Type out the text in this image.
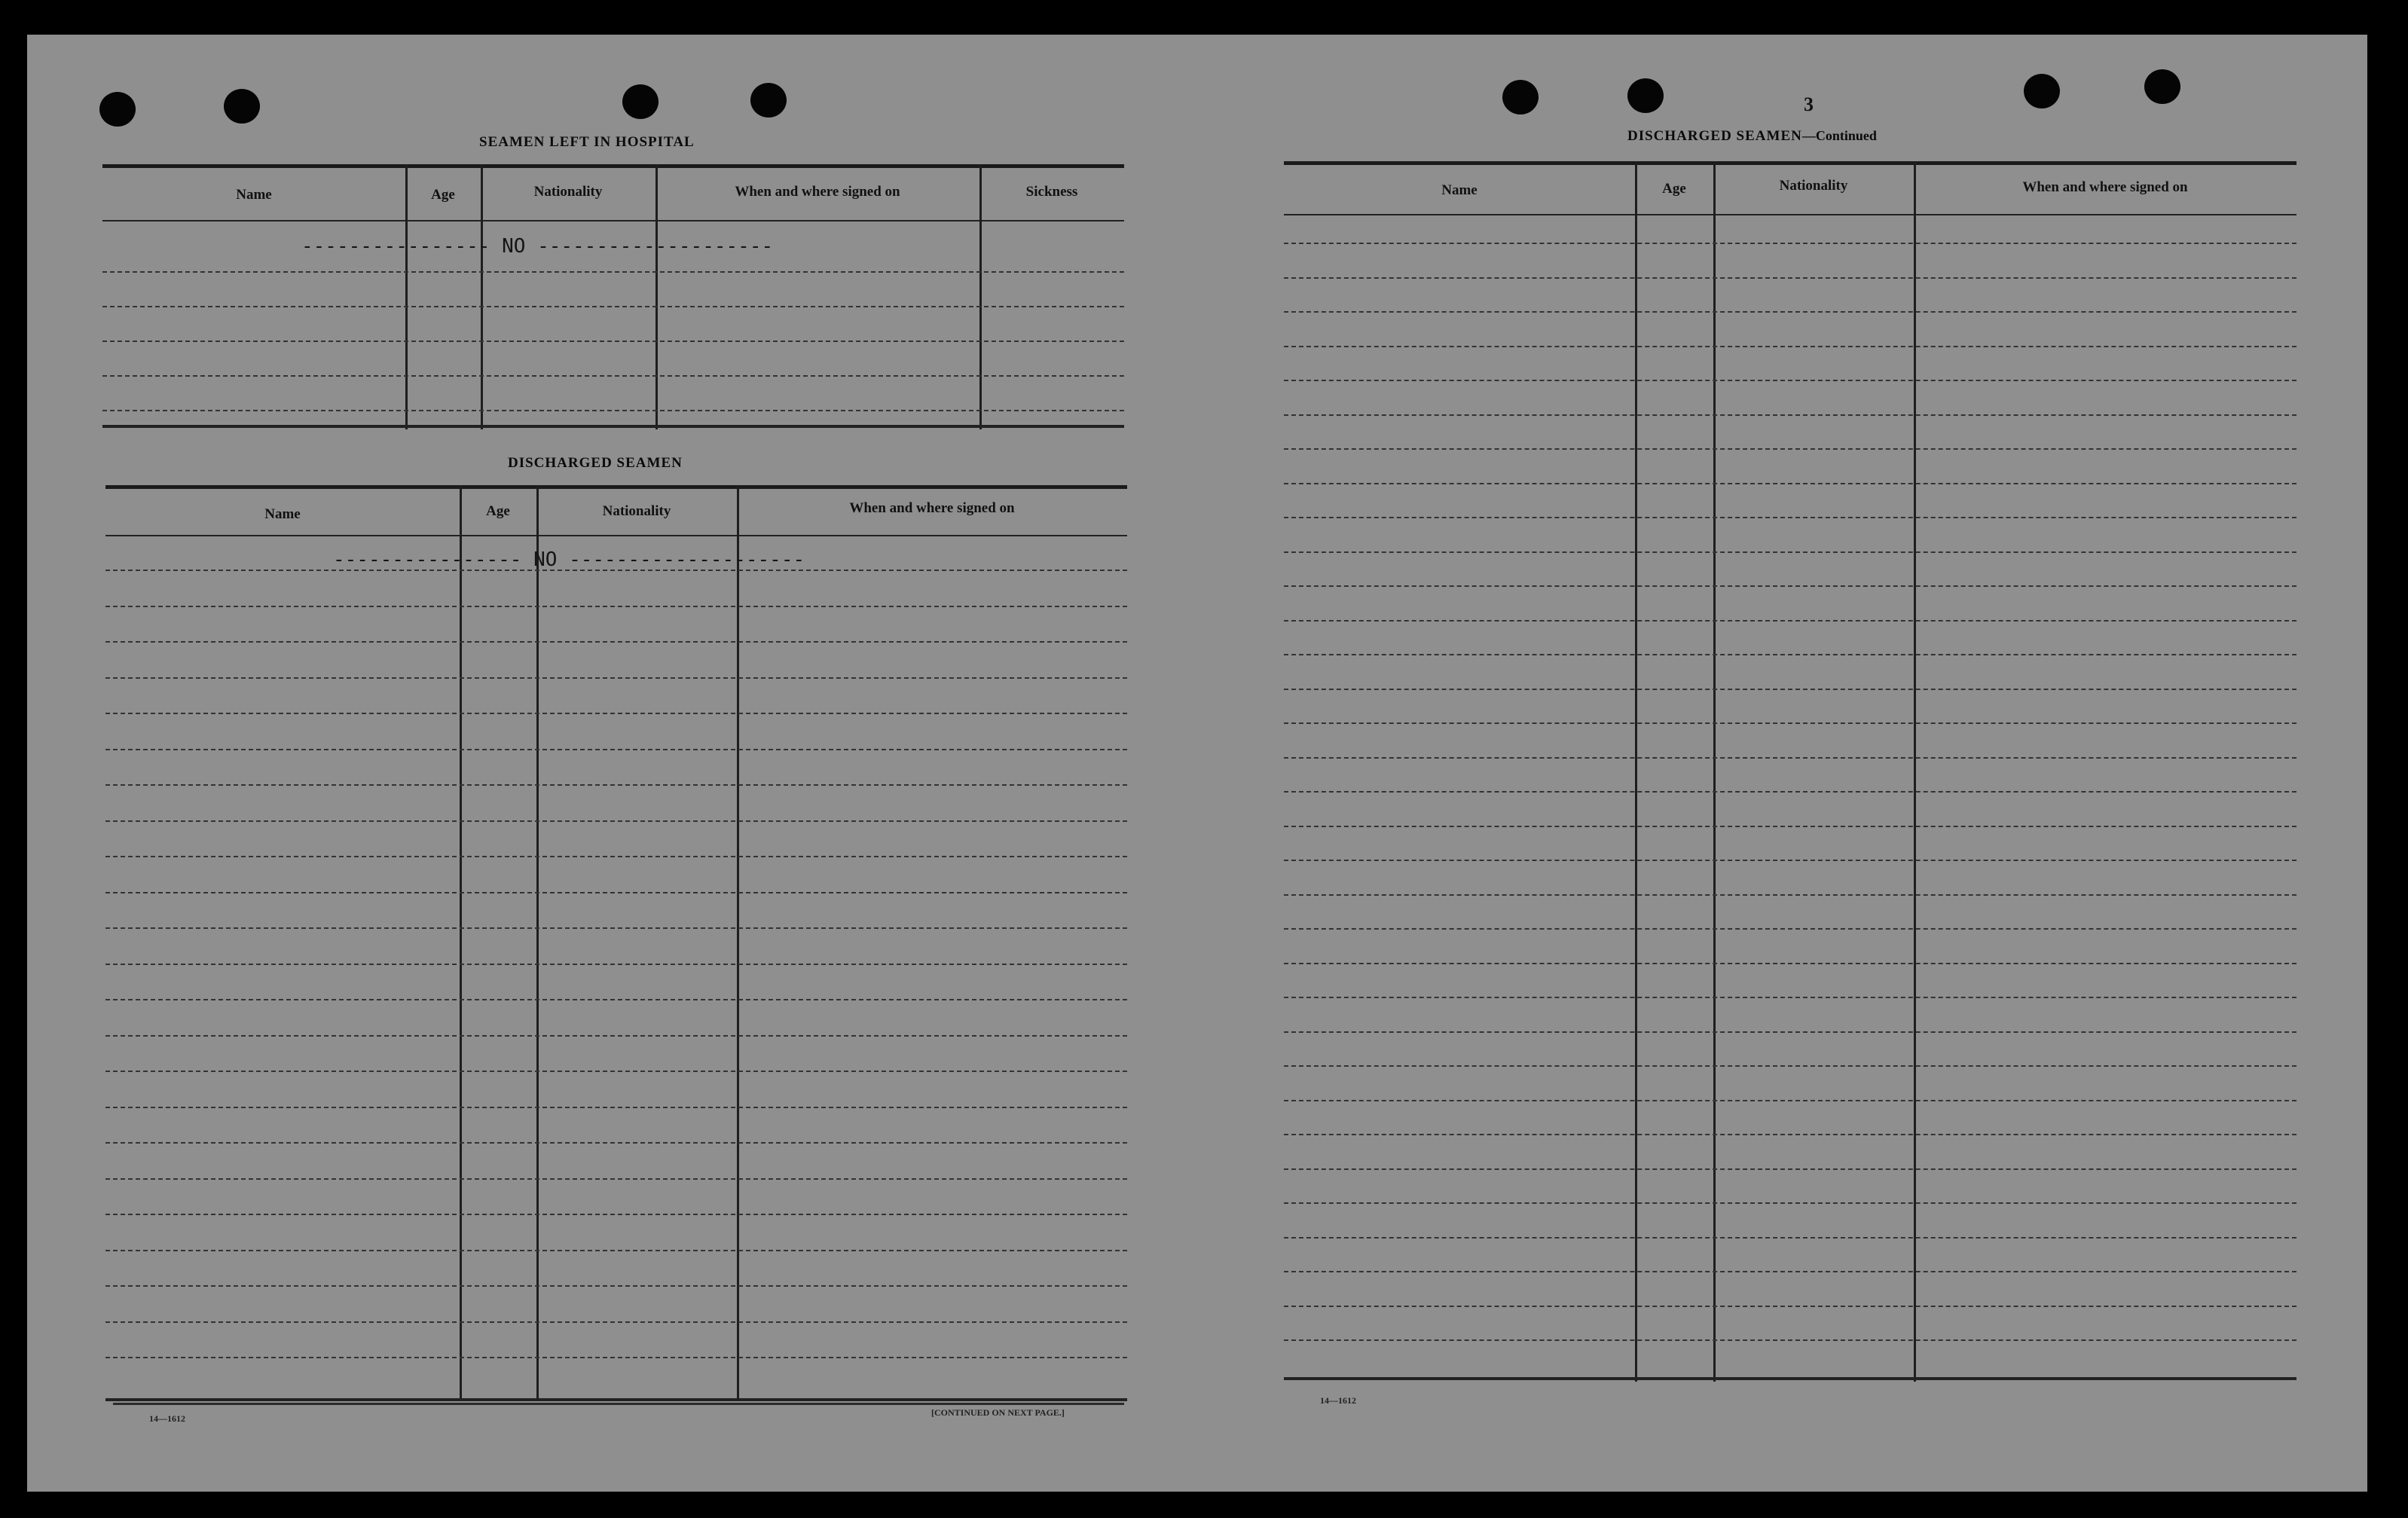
SEAMEN LEFT IN HOSPITAL
Name	Age	Nationality	When and where signed on	Sickness
---------------- NO --------------------
DISCHARGED SEAMEN
Name	Age	Nationality	When and where signed on
---------------- NO --------------------
14—1612
[CONTINUED ON NEXT PAGE.]
3
DISCHARGED SEAMEN—Continued
Name	Age	Nationality	When and where signed on
14—1612
